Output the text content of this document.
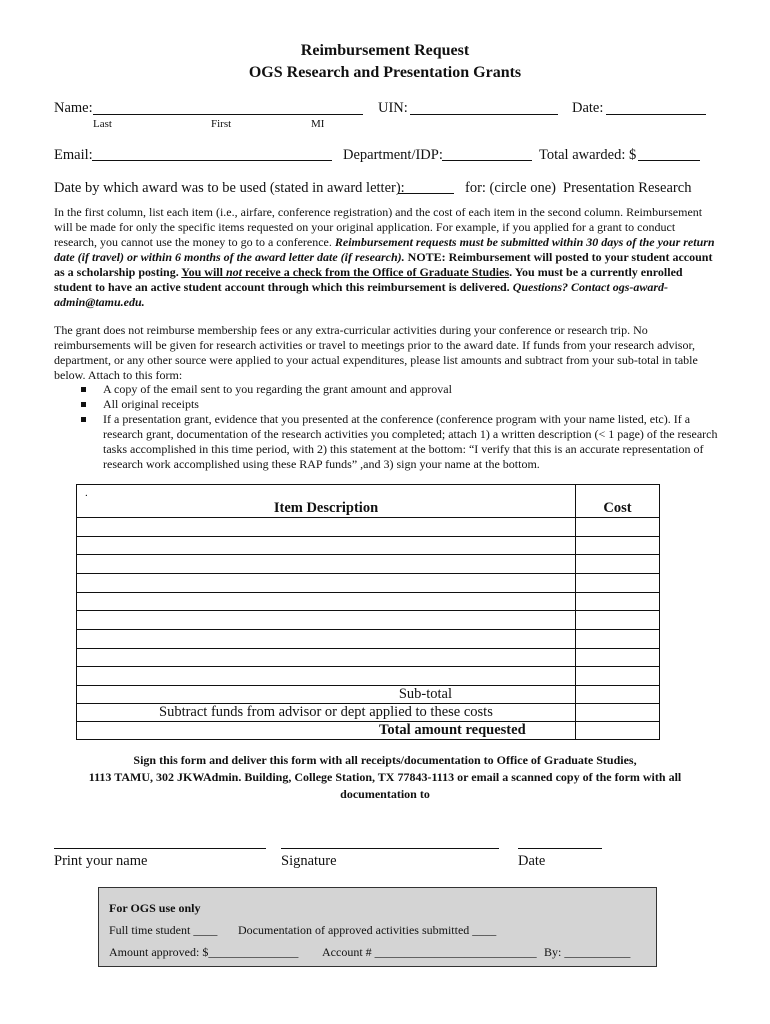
Reimbursement Request
OGS Research and Presentation Grants
Name:	UIN:	Date:
Last	First	MI
Email:	Department/IDP:	Total awarded: $
Date by which award was to be used (stated in award letter):	for: (circle one) Presentation Research
In the first column, list each item (i.e., airfare, conference registration) and the cost of each item in the second column. Reimbursement will be made for only the specific items requested on your original application. For example, if you applied for a grant to conduct research, you cannot use the money to go to a conference. Reimbursement requests must be submitted within 30 days of the your return date (if travel) or within 6 months of the award letter date (if research). NOTE: Reimbursement will posted to your student account as a scholarship posting. You will not receive a check from the Office of Graduate Studies. You must be a currently enrolled student to have an active student account through which this reimbursement is delivered. Questions? Contact ogs-award-admin@tamu.edu.
The grant does not reimburse membership fees or any extra-curricular activities during your conference or research trip. No reimbursements will be given for research activities or travel to meetings prior to the award date. If funds from your research advisor, department, or any other source were applied to your actual expenditures, please list amounts and subtract from your sub-total in table below. Attach to this form:
A copy of the email sent to you regarding the grant amount and approval
All original receipts
If a presentation grant, evidence that you presented at the conference (conference program with your name listed, etc). If a research grant, documentation of the research activities you completed; attach 1) a written description (< 1 page) of the research tasks accomplished in this time period, with 2) this statement at the bottom: “I verify that this is an accurate representation of research work accomplished using these RAP funds” ,and 3) sign your name at the bottom.
.
Item Description	Cost
Sub-total
Subtract funds from advisor or dept applied to these costs
Total amount requested
Sign this form and deliver this form with all receipts/documentation to Office of Graduate Studies,
1113 TAMU, 302 JKWAdmin. Building, College Station, TX 77843-1113 or email a scanned copy of the form with all
documentation to
Print your name	Signature	Date
For OGS use only
Full time student ____ Documentation of approved activities submitted ____
Amount approved: $_______________ Account # ___________________________ By: ___________
